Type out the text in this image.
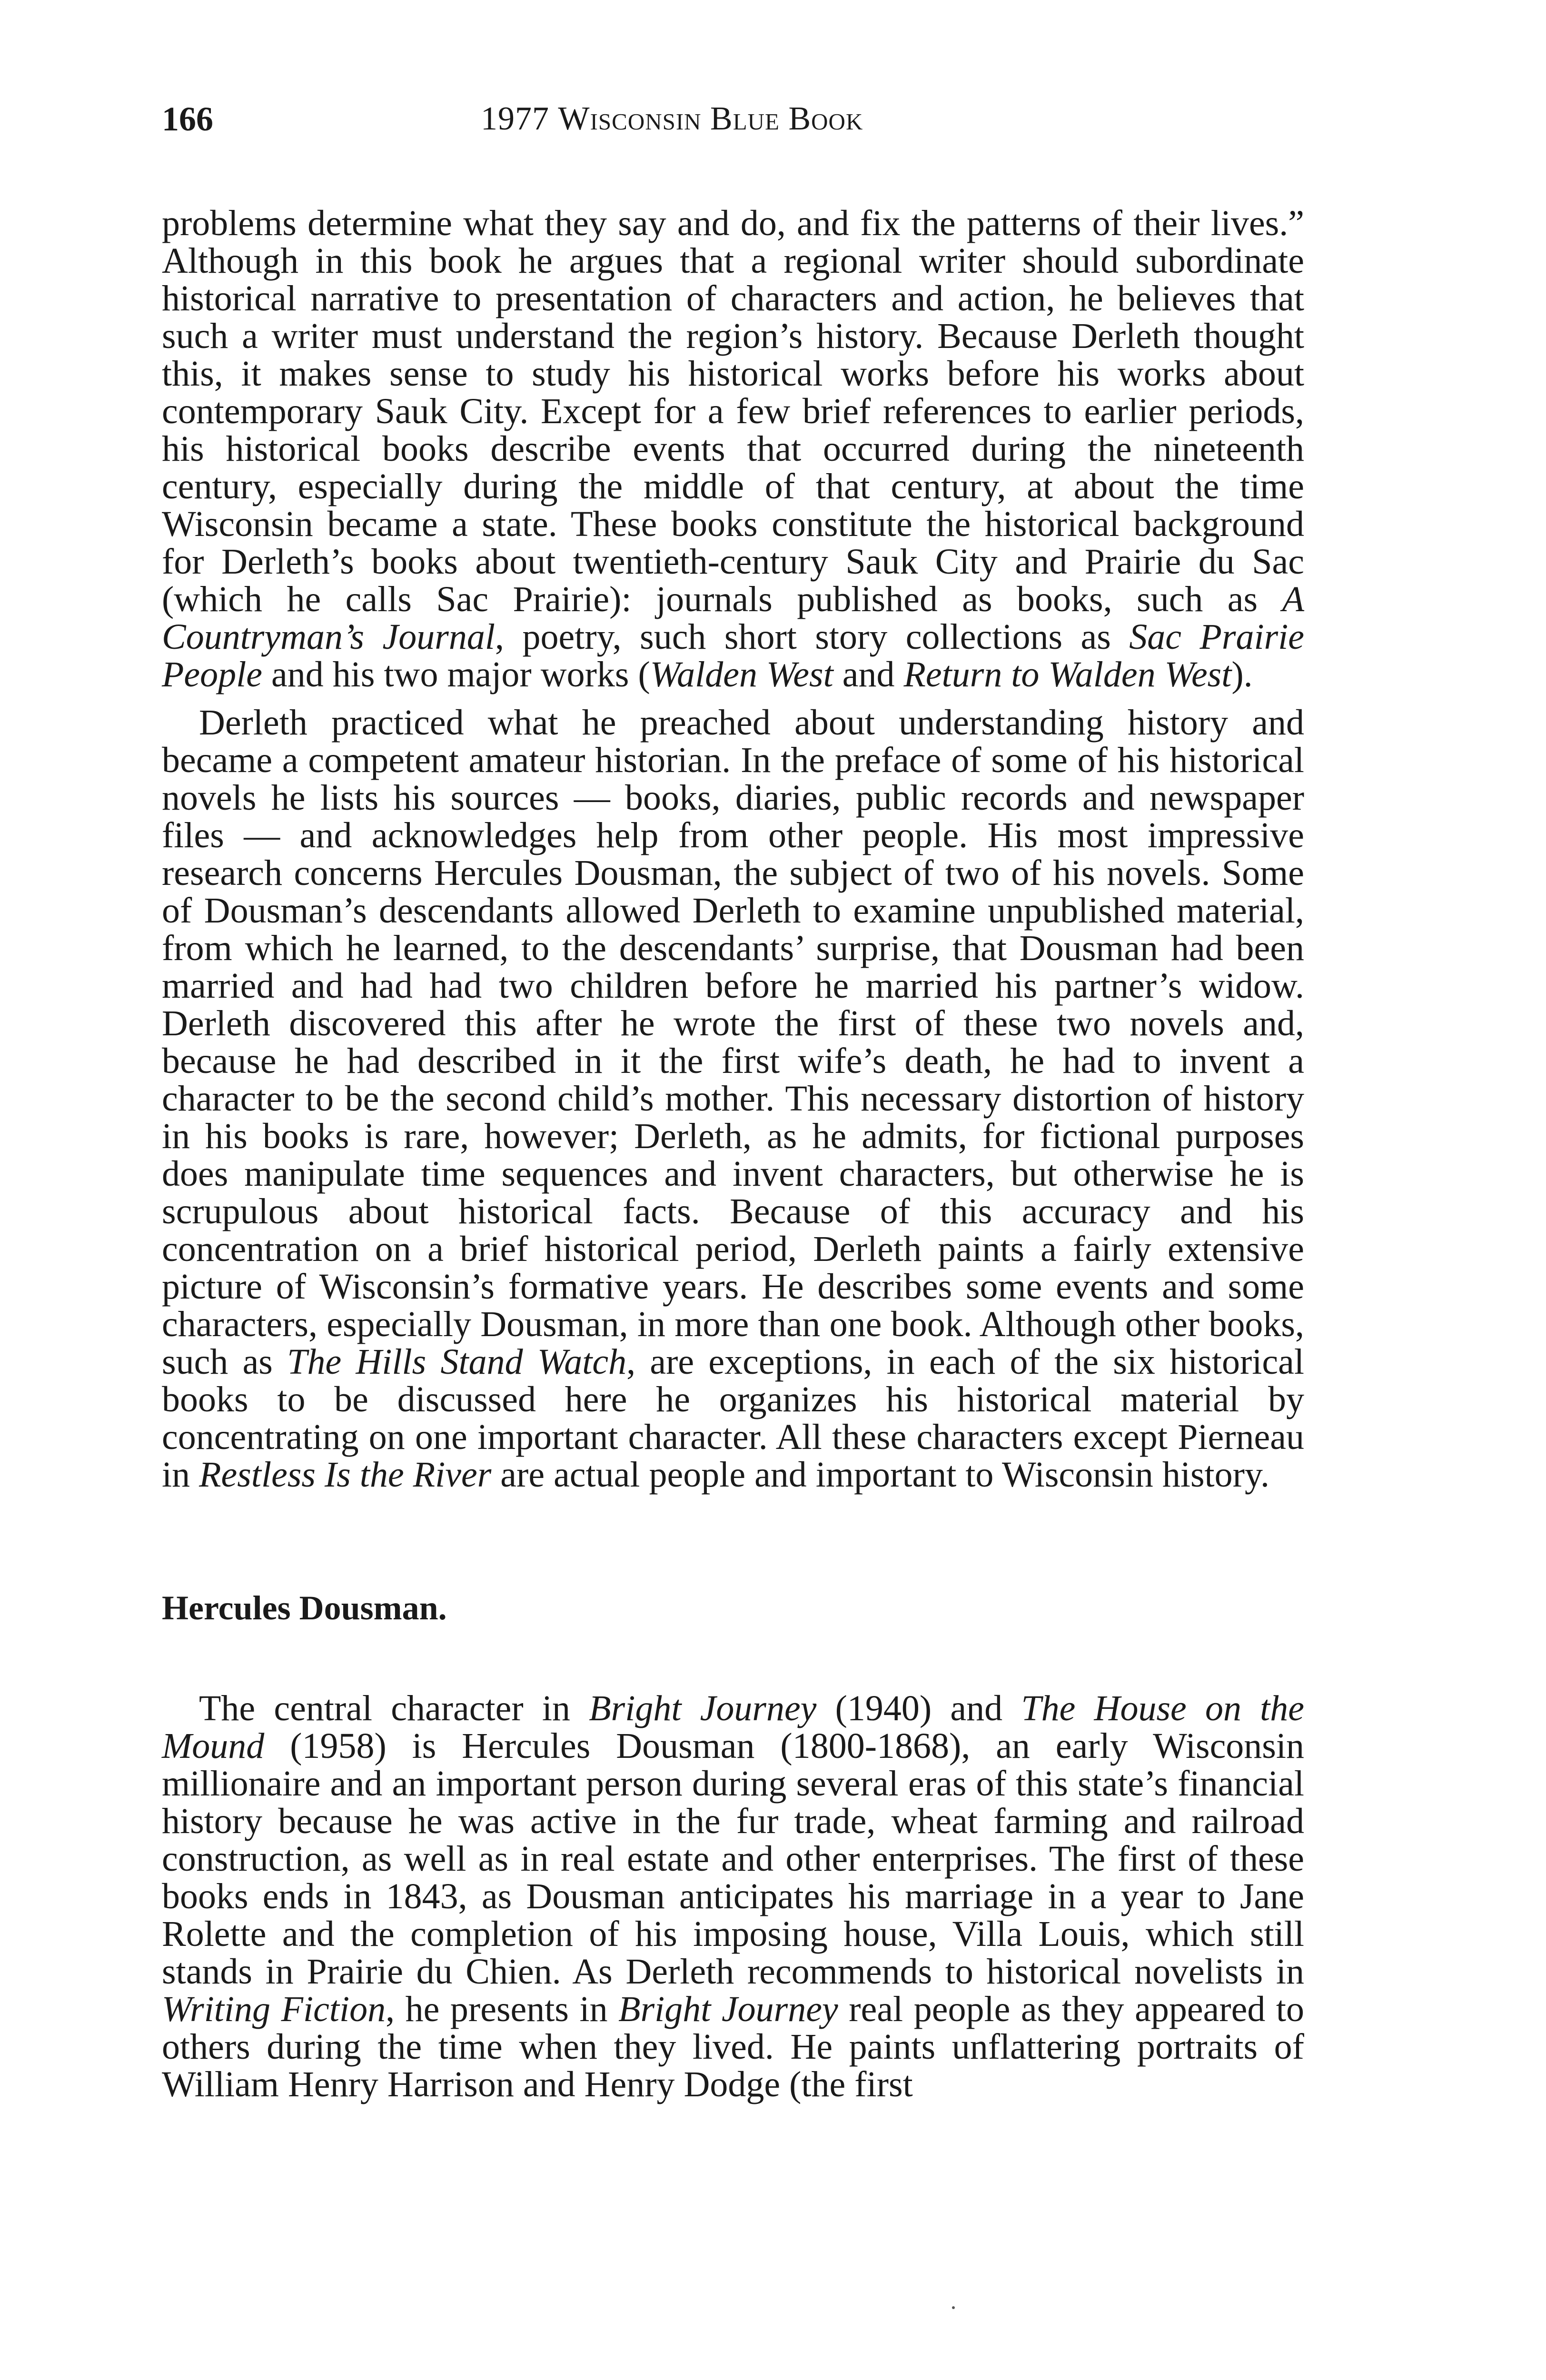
166	1977 Wisconsin Blue Book

problems determine what they say and do, and fix the patterns of their lives.” Although in this book he argues that a regional writer should subordinate historical narrative to presentation of characters and action, he believes that such a writer must understand the region’s history. Because Derleth thought this, it makes sense to study his historical works before his works about contemporary Sauk City. Except for a few brief references to earlier periods, his historical books describe events that occurred during the nineteenth century, especially during the middle of that century, at about the time Wisconsin became a state. These books constitute the historical background for Derleth’s books about twentieth-century Sauk City and Prairie du Sac (which he calls Sac Prairie): journals published as books, such as A Countryman’s Journal, poetry, such short story collections as Sac Prairie People and his two major works (Walden West and Return to Walden West).

Derleth practiced what he preached about understanding history and became a competent amateur historian. In the preface of some of his historical novels he lists his sources — books, diaries, public records and newspaper files — and acknowledges help from other people. His most impressive research concerns Hercules Dousman, the subject of two of his novels. Some of Dousman’s descendants allowed Derleth to examine unpublished material, from which he learned, to the descendants’ surprise, that Dousman had been married and had had two children before he married his partner’s widow. Derleth discovered this after he wrote the first of these two novels and, because he had described in it the first wife’s death, he had to invent a character to be the second child’s mother. This necessary distortion of history in his books is rare, however; Derleth, as he admits, for fictional purposes does manipulate time sequences and invent characters, but otherwise he is scrupulous about historical facts. Because of this accuracy and his concentration on a brief historical period, Derleth paints a fairly extensive picture of Wisconsin’s formative years. He describes some events and some characters, especially Dousman, in more than one book. Although other books, such as The Hills Stand Watch, are exceptions, in each of the six historical books to be discussed here he organizes his historical material by concentrating on one important character. All these characters except Pierneau in Restless Is the River are actual people and important to Wisconsin history.

Hercules Dousman.

The central character in Bright Journey (1940) and The House on the Mound (1958) is Hercules Dousman (1800-1868), an early Wisconsin millionaire and an important person during several eras of this state’s financial history because he was active in the fur trade, wheat farming and railroad construction, as well as in real estate and other enterprises. The first of these books ends in 1843, as Dousman anticipates his marriage in a year to Jane Rolette and the completion of his imposing house, Villa Louis, which still stands in Prairie du Chien. As Derleth recommends to historical novelists in Writing Fiction, he presents in Bright Journey real people as they appeared to others during the time when they lived. He paints unflattering portraits of William Henry Harrison and Henry Dodge (the first
